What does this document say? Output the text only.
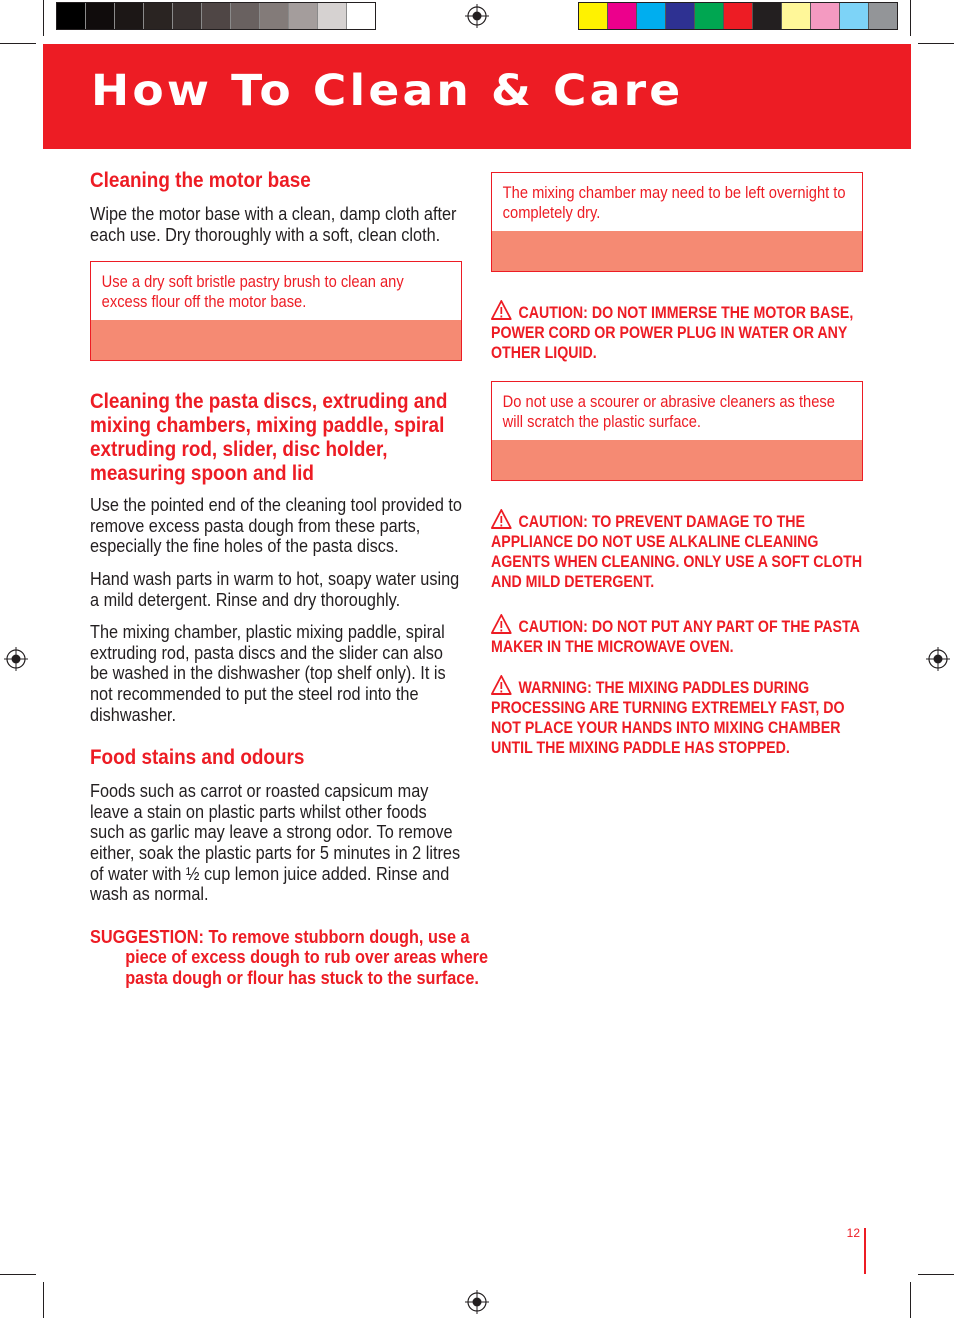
How To Clean & Care
Cleaning the motor base

Wipe the motor base with a clean, damp cloth after each use. Dry thoroughly with a soft, clean cloth.

Use a dry soft bristle pastry brush to clean any excess flour off the motor base.

Cleaning the pasta discs, extruding and mixing chambers, mixing paddle, spiral extruding rod, slider, disc holder, measuring spoon and lid

Use the pointed end of the cleaning tool provided to remove excess pasta dough from these parts, especially the fine holes of the pasta discs.

Hand wash parts in warm to hot, soapy water using a mild detergent. Rinse and dry thoroughly.

The mixing chamber, plastic mixing paddle, spiral extruding rod, pasta discs and the slider can also be washed in the dishwasher (top shelf only). It is not recommended to put the steel rod into the dishwasher.

Food stains and odours

Foods such as carrot or roasted capsicum may leave a stain on plastic parts whilst other foods such as garlic may leave a strong odor. To remove either, soak the plastic parts for 5 minutes in 2 litres of water with ½ cup lemon juice added. Rinse and wash as normal.

SUGGESTION: To remove stubborn dough, use a piece of excess dough to rub over areas where pasta dough or flour has stuck to the surface.

The mixing chamber may need to be left overnight to completely dry.

CAUTION: DO NOT IMMERSE THE MOTOR BASE, POWER CORD OR POWER PLUG IN WATER OR ANY OTHER LIQUID.

Do not use a scourer or abrasive cleaners as these will scratch the plastic surface.

CAUTION: TO PREVENT DAMAGE TO THE APPLIANCE DO NOT USE ALKALINE CLEANING AGENTS WHEN CLEANING. ONLY USE A SOFT CLOTH AND MILD DETERGENT.

CAUTION: DO NOT PUT ANY PART OF THE PASTA MAKER IN THE MICROWAVE OVEN.

WARNING: THE MIXING PADDLES DURING PROCESSING ARE TURNING EXTREMELY FAST, DO NOT PLACE YOUR HANDS INTO MIXING CHAMBER UNTIL THE MIXING PADDLE HAS STOPPED.

12
